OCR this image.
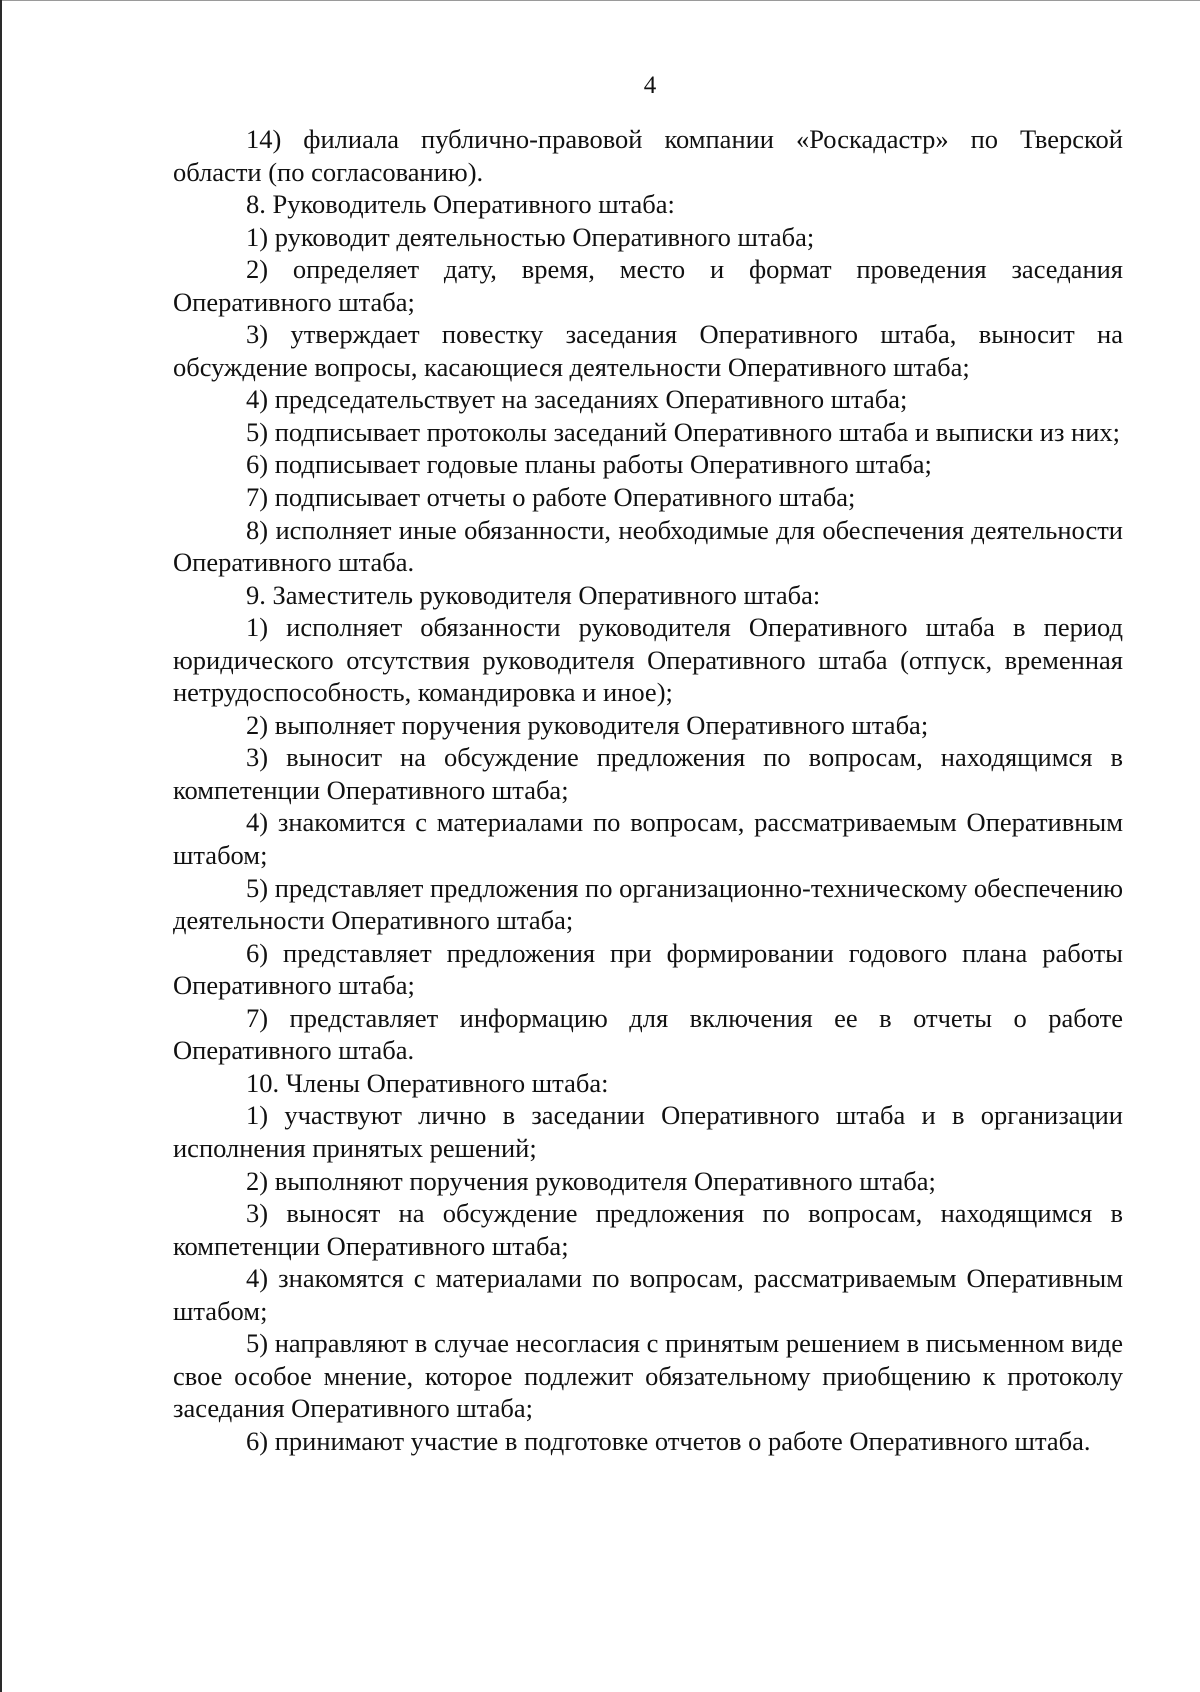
4

14) филиала публично-правовой компании «Роскадастр» по Тверской области (по согласованию).

8. Руководитель Оперативного штаба:

1) руководит деятельностью Оперативного штаба;

2) определяет дату, время, место и формат проведения заседания Оперативного штаба;

3) утверждает повестку заседания Оперативного штаба, выносит на обсуждение вопросы, касающиеся деятельности Оперативного штаба;

4) председательствует на заседаниях Оперативного штаба;

5) подписывает протоколы заседаний Оперативного штаба и выписки из них;

6) подписывает годовые планы работы Оперативного штаба;

7) подписывает отчеты о работе Оперативного штаба;

8) исполняет иные обязанности, необходимые для обеспечения деятельности Оперативного штаба.

9. Заместитель руководителя Оперативного штаба:

1) исполняет обязанности руководителя Оперативного штаба в период юридического отсутствия руководителя Оперативного штаба (отпуск, временная нетрудоспособность, командировка и иное);

2) выполняет поручения руководителя Оперативного штаба;

3) выносит на обсуждение предложения по вопросам, находящимся в компетенции Оперативного штаба;

4) знакомится с материалами по вопросам, рассматриваемым Оперативным штабом;

5) представляет предложения по организационно-техническому обеспечению деятельности Оперативного штаба;

6) представляет предложения при формировании годового плана работы Оперативного штаба;

7) представляет информацию для включения ее в отчеты о работе Оперативного штаба.

10. Члены Оперативного штаба:

1) участвуют лично в заседании Оперативного штаба и в организации исполнения принятых решений;

2) выполняют поручения руководителя Оперативного штаба;

3) выносят на обсуждение предложения по вопросам, находящимся в компетенции Оперативного штаба;

4) знакомятся с материалами по вопросам, рассматриваемым Оперативным штабом;

5) направляют в случае несогласия с принятым решением в письменном виде свое особое мнение, которое подлежит обязательному приобщению к протоколу заседания Оперативного штаба;

6) принимают участие в подготовке отчетов о работе Оперативного штаба.
